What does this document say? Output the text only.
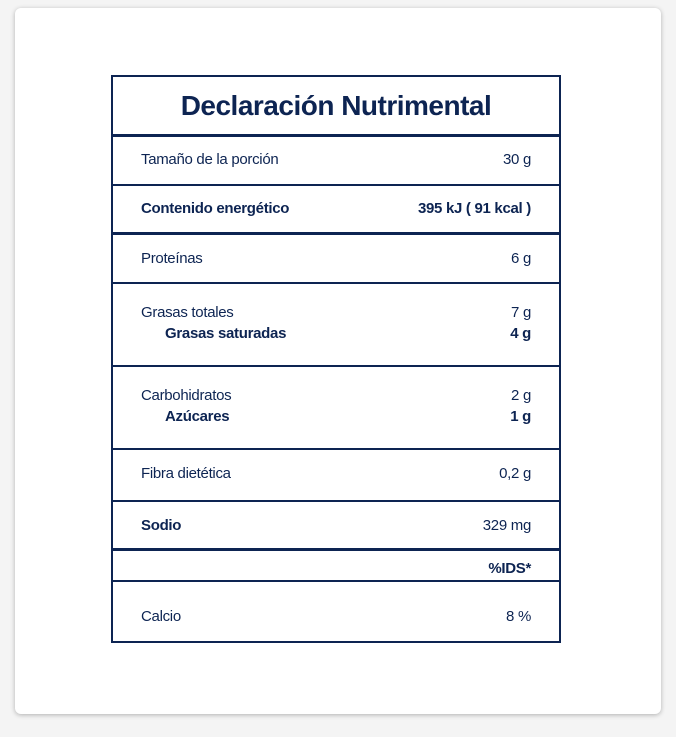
Declaración Nutrimental
Tamaño de la porción	30 g
Contenido energético	395 kJ ( 91 kcal )
Proteínas	6 g
Grasas totales	7 g
Grasas saturadas	4 g
Carbohidratos	2 g
Azúcares	1 g
Fibra dietética	0,2 g
Sodio	329 mg
%IDS*
Calcio	8 %
